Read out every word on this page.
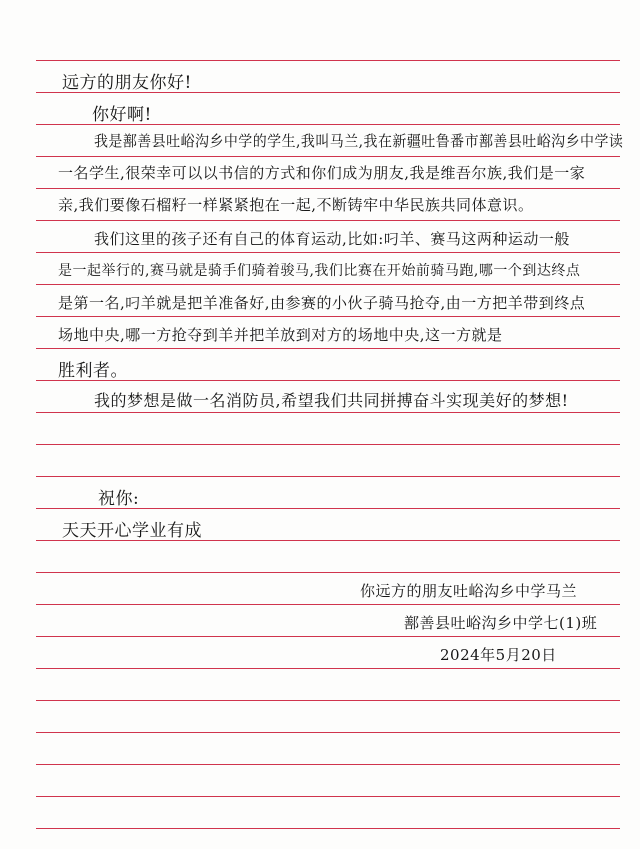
远方的朋友你好!
你好啊!
我是鄯善县吐峪沟乡中学的学生,我叫马兰,我在新疆吐鲁番市鄯善县吐峪沟乡中学读
一名学生,很荣幸可以以书信的方式和你们成为朋友,我是维吾尔族,我们是一家
亲,我们要像石榴籽一样紧紧抱在一起,不断铸牢中华民族共同体意识。
我们这里的孩子还有自己的体育运动,比如:叼羊、赛马这两种运动一般
是一起举行的,赛马就是骑手们骑着骏马,我们比赛在开始前骑马跑,哪一个到达终点
是第一名,叼羊就是把羊准备好,由参赛的小伙子骑马抢夺,由一方把羊带到终点
场地中央,哪一方抢夺到羊并把羊放到对方的场地中央,这一方就是
胜利者。
我的梦想是做一名消防员,希望我们共同拼搏奋斗实现美好的梦想!
祝你:
天天开心学业有成
你远方的朋友吐峪沟乡中学马兰
鄯善县吐峪沟乡中学七(1)班
2024年5月20日
